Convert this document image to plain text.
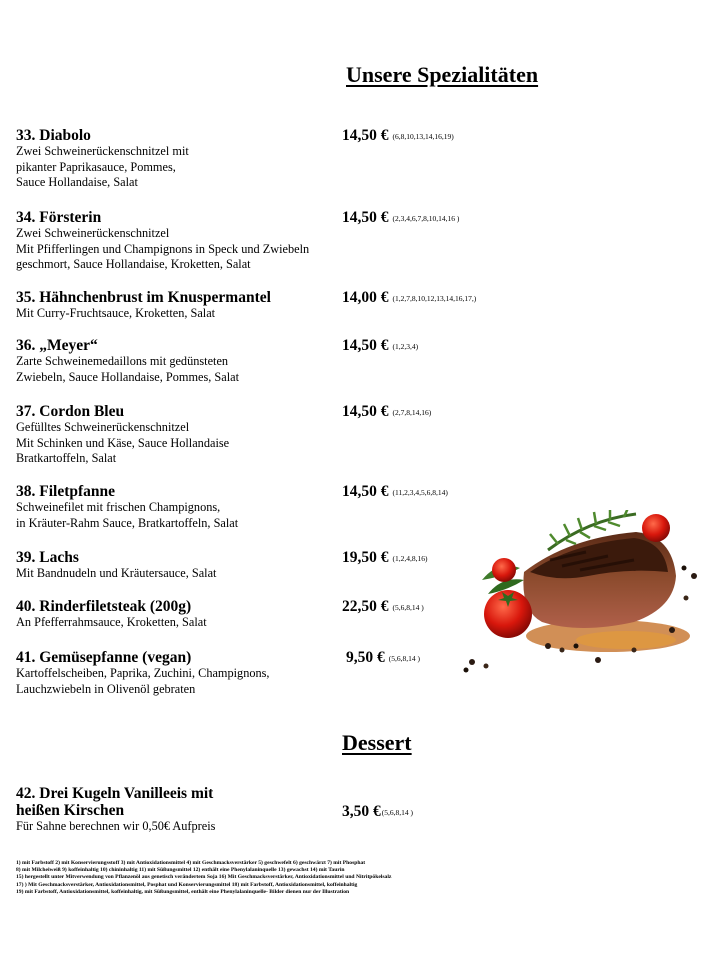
Unsere Spezialitäten
33. Diabolo
Zwei Schweinerückenschnitzel mit
pikanter Paprikasauce, Pommes,
Sauce Hollandaise, Salat
14,50 € (6,8,10,13,14,16,19)
34. Försterin
Zwei Schweinerückenschnitzel
Mit Pfifferlingen und Champignons in Speck und Zwiebeln
geschmort, Sauce Hollandaise, Kroketten, Salat
14,50 € (2,3,4,6,7,8,10,14,16 )
35. Hähnchenbrust im Knuspermantel
Mit Curry-Fruchtsauce, Kroketten, Salat
14,00 € (1,2,7,8,10,12,13,14,16,17,)
36. „Meyer“
Zarte Schweinemedaillons mit gedünsteten
Zwiebeln, Sauce Hollandaise, Pommes, Salat
14,50 € (1,2,3,4)
37. Cordon Bleu
Gefülltes Schweinerückenschnitzel
Mit Schinken und Käse, Sauce Hollandaise
Bratkartoffeln, Salat
14,50 € (2,7,8,14,16)
38. Filetpfanne
Schweinefilet mit frischen Champignons,
in Kräuter-Rahm Sauce, Bratkartoffeln, Salat
14,50 € (11,2,3,4,5,6,8,14)
39. Lachs
Mit Bandnudeln und Kräutersauce, Salat
19,50 € (1,2,4,8,16)
40. Rinderfiletsteak (200g)
An Pfefferrahmsauce, Kroketten, Salat
22,50 € (5,6,8,14 )
41. Gemüsepfanne (vegan)
Kartoffelscheiben, Paprika, Zuchini, Champignons,
Lauchzwiebeln in Olivenöl gebraten
9,50 € (5,6,8,14 )
Dessert
42. Drei Kugeln Vanilleeis mit
heißen Kirschen
Für Sahne berechnen wir 0,50€ Aufpreis
3,50 €(5,6,8,14 )
1) mit Farbstoff 2) mit Konservierungsstoff 3) mit Antioxidationsmittel 4) mit Geschmacksverstärker 5) geschwefelt 6) geschwärzt 7) mit Phosphat
8) mit Milcheiweiß 9) koffeinhaltig 10) chininhaltig 11) mit Süßungsmittel 12) enthält eine Phenylalaninquelle 13) gewachst 14) mit Taurin
15) hergestellt unter Mitverwendung von Pflanzenöl aus genetisch verändertem Soja 16) Mit Geschmacksverstärker, Antioxidationsmittel und Nitritpökelsalz
17) ) Mit Geschmacksverstärker, Antioxidationsmittel, Posphat und Konservierungsmittel 18) mit Farbstoff, Antioxidationsmittel, koffeinhaltig
19) mit Farbstoff, Antioxidationsmittel, koffeinhaltig, mit Süßungsmittel, enthält eine Phenylalaninquelle- Bilder dienen nur der Illustration
